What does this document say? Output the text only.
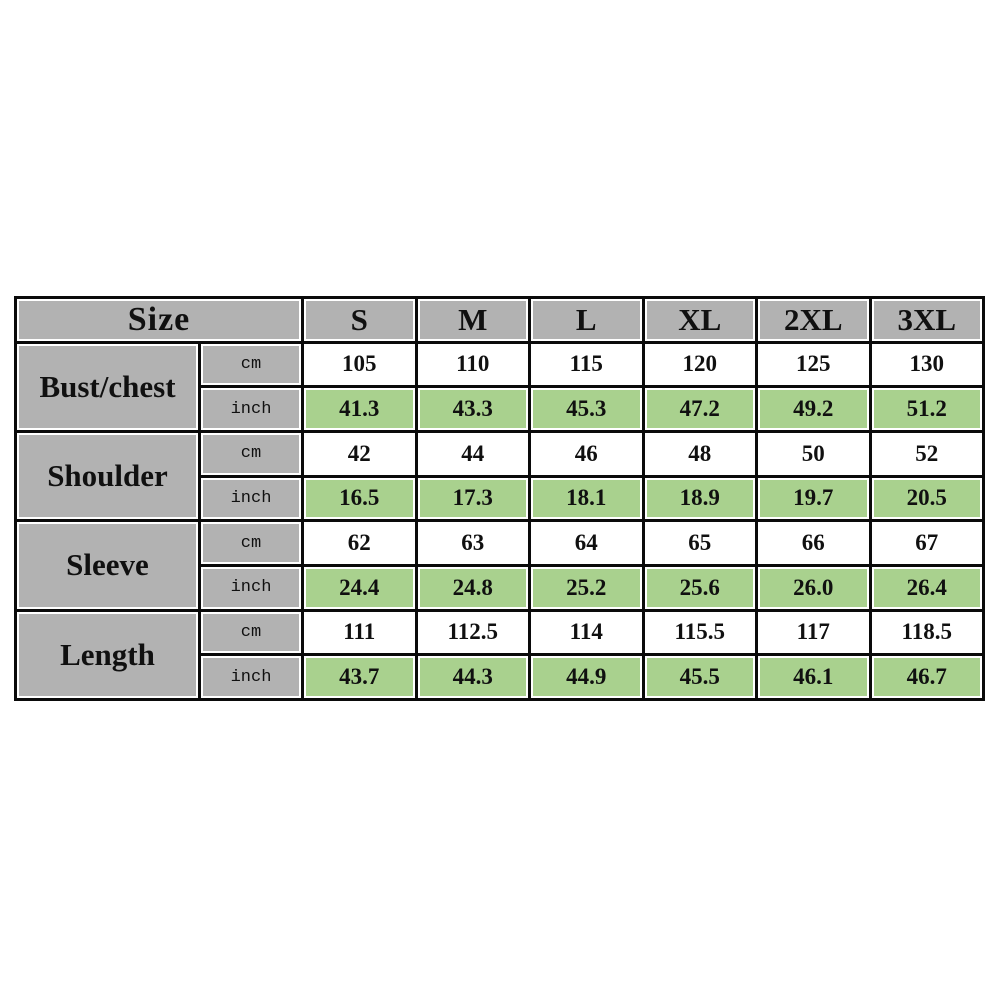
Size	S	M	L	XL	2XL	3XL
Bust/chest
cm	105	110	115	120	125	130
inch	41.3	43.3	45.3	47.2	49.2	51.2
Shoulder
cm	42	44	46	48	50	52
inch	16.5	17.3	18.1	18.9	19.7	20.5
Sleeve
cm	62	63	64	65	66	67
inch	24.4	24.8	25.2	25.6	26.0	26.4
Length
cm	111	112.5	114	115.5	117	118.5
inch	43.7	44.3	44.9	45.5	46.1	46.7
